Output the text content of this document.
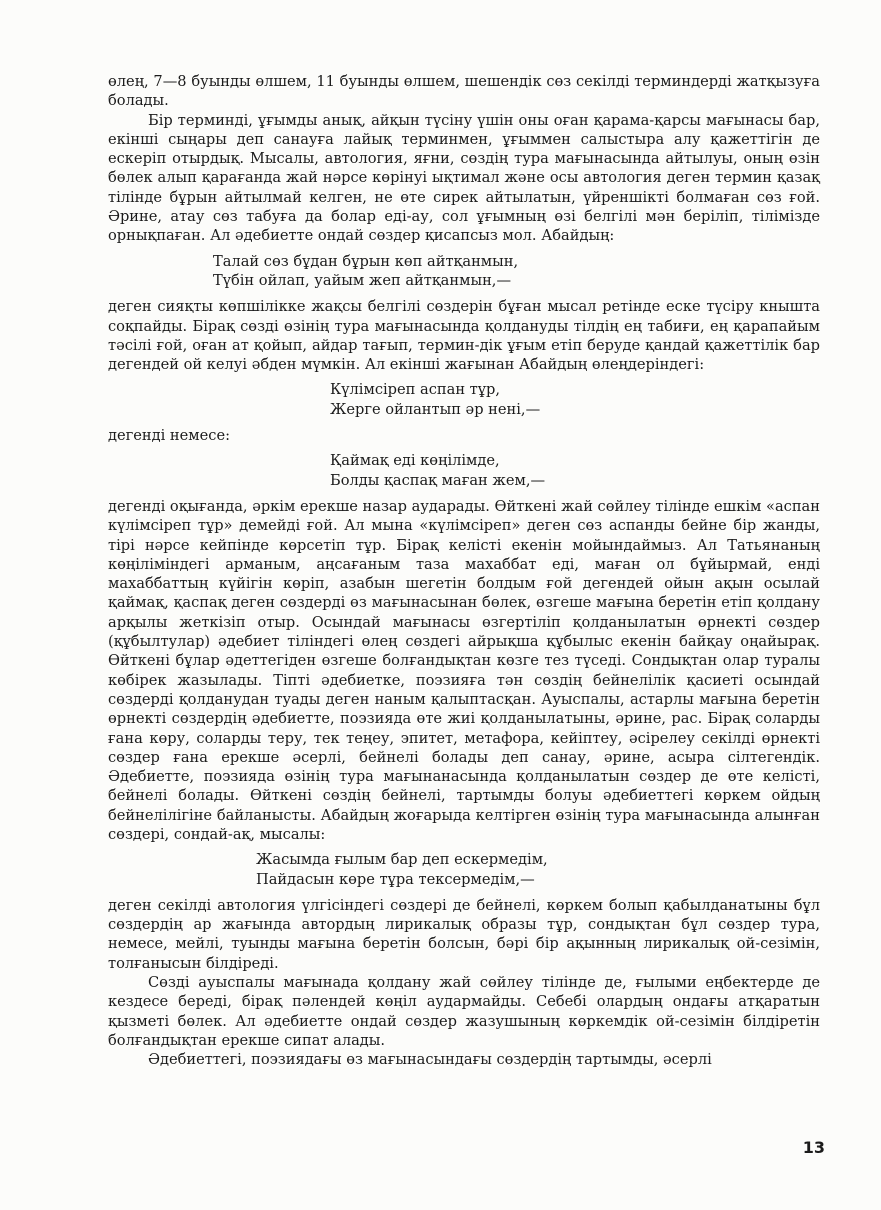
өлең, 7—8 буынды өлшем, 11 буынды өлшем, шешендік сөз секілді терминдерді жатқызуға болады.

Бір терминді, ұғымды анық, айқын түсіну үшін оны оған қарама-қарсы мағынасы бар, екінші сыңары деп санауға лайық терминмен, ұғыммен салыстыра алу қажеттігін де ескеріп отырдық. Мысалы, автология, яғни, сөздің тура мағынасында айтылуы, оның өзін бөлек алып қарағанда жай нәрсе көрінуі ықтимал және осы автология деген термин қазақ тілінде бұрын айтылмай келген, не өте сирек айтылатын, үйреншікті болмаған сөз ғой. Әрине, атау сөз табуға да болар еді-ау, сол ұғымның өзі белгілі мән беріліп, тілімізде орнықпаған. Ал әдебиетте ондай сөздер қисапсыз мол. Абайдың:

Талай сөз бұдан бұрын көп айтқанмын,
Түбін ойлап, уайым жеп айтқанмын,—

деген сияқты көпшілікке жақсы белгілі сөздерін бұған мысал ретінде еске түсіру кнышта соқпайды. Бірақ сөзді өзінің тура мағынасында қолдануды тілдің ең табиғи, ең қарапайым тәсілі ғой, оған ат қойып, айдар тағып, термин-дік ұғым етіп беруде қандай қажеттілік бар дегендей ой келуі әбден мүмкін. Ал екінші жағынан Абайдың өлеңдеріндегі:

Күлімсіреп аспан тұр,
Жерге ойлантып әр нені,—

дегенді немесе:

Қаймақ еді көңілімде,
Болды қаспақ маған жем,—

дегенді оқығанда, әркім ерекше назар аударады. Өйткені жай сөйлеу тілінде ешкім «аспан күлімсіреп тұр» демейді ғой. Ал мына «күлімсіреп» деген сөз аспанды бейне бір жанды, тірі нәрсе кейпінде көрсетіп тұр. Бірақ келісті екенін мойындаймыз. Ал Татьянаның көңіліміндегі арманым, аңсағаным таза махаббат еді, маған ол бұйырмай, енді махаббаттың күйігін көріп, азабын шегетін болдым ғой дегендей ойын ақын осылай қаймақ, қаспақ деген сөздерді өз мағынасынан бөлек, өзгеше мағына беретін етіп қолдану арқылы жеткізіп отыр. Осындай мағынасы өзгертіліп қолданылатын өрнекті сөздер (құбылтулар) әдебиет тіліндегі өлең сөздегі айрықша құбылыс екенін байқау оңайырақ. Өйткені бұлар әдеттегіден өзгеше болғандықтан көзге тез түседі. Сондықтан олар туралы көбірек жазылады. Тіпті әдебиетке, поэзияға тән сөздің бейнелілік қасиеті осындай сөздерді қолданудан туады деген наным қалыптасқан. Ауыспалы, астарлы мағына беретін өрнекті сөздердің әдебиетте, поэзияда өте жиі қолданылатыны, әрине, рас. Бірақ соларды ғана көру, соларды теру, тек теңеу, эпитет, метафора, кейіптеу, әсірелеу секілді өрнекті сөздер ғана ерекше әсерлі, бейнелі болады деп санау, әрине, асыра сілтегендік. Әдебиетте, поэзияда өзінің тура мағынанасында қолданылатын сөздер де өте келісті, бейнелі болады. Өйткені сөздің бейнелі, тартымды болуы әдебиеттегі көркем ойдың бейнелілігіне байланысты. Абайдың жоғарыда келтірген өзінің тура мағынасында алынған сөздері, сондай-ақ, мысалы:

Жасымда ғылым бар деп ескермедім,
Пайдасын көре тұра тексермедім,—

деген секілді автология үлгісіндегі сөздері де бейнелі, көркем болып қабылданатыны бұл сөздердің ар жағында автордың лирикалық образы тұр, сондықтан бұл сөздер тура, немесе, мейлі, туынды мағына беретін болсын, бәрі бір ақынның лирикалық ой-сезімін, толғанысын білдіреді.

Сөзді ауыспалы мағынада қолдану жай сөйлеу тілінде де, ғылыми еңбектерде де кездесе береді, бірақ пәлендей көңіл аудармайды. Себебі олардың ондағы атқаратын қызметі бөлек. Ал әдебиетте ондай сөздер жазушының көркемдік ой-сезімін білдіретін болғандықтан ерекше сипат алады.

Әдебиеттегі, поэзиядағы өз мағынасындағы сөздердің тартымды, әсерлі

13
